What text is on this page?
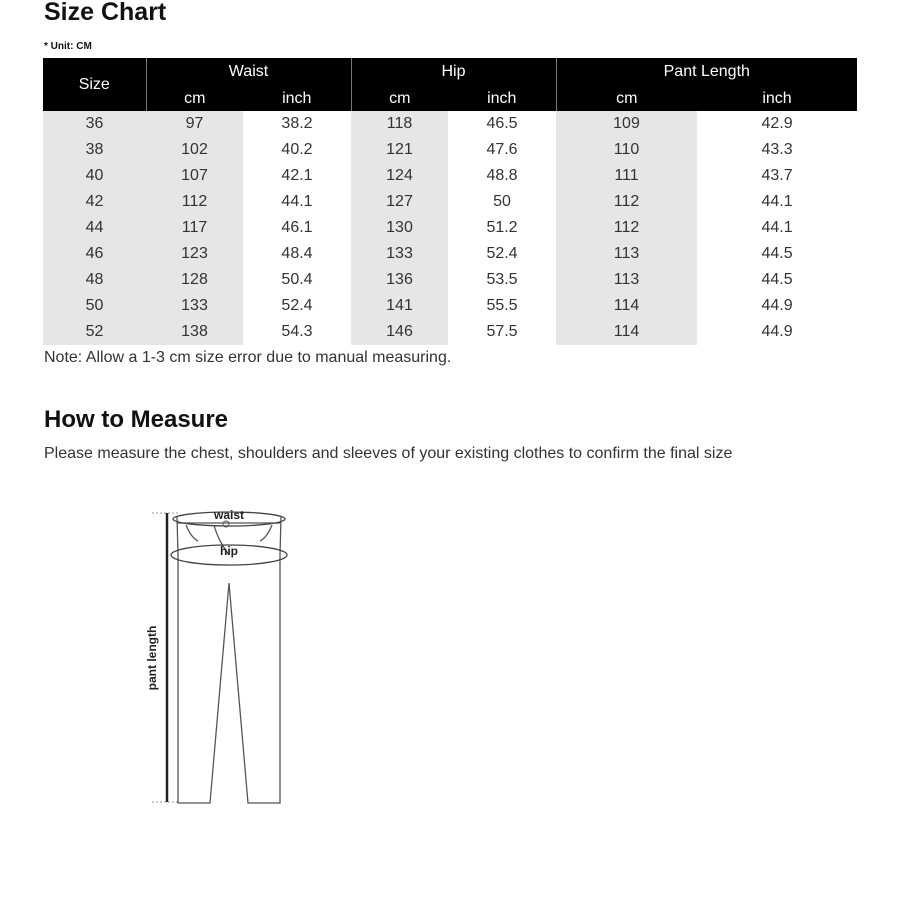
Size Chart
* Unit: CM
Size	Waist		Hip		Pant Length	
	cm	inch	cm	inch	cm	inch
36	97	38.2	118	46.5	109	42.9
38	102	40.2	121	47.6	110	43.3
40	107	42.1	124	48.8	111	43.7
42	112	44.1	127	50	112	44.1
44	117	46.1	130	51.2	112	44.1
46	123	48.4	133	52.4	113	44.5
48	128	50.4	136	53.5	113	44.5
50	133	52.4	141	55.5	114	44.9
52	138	54.3	146	57.5	114	44.9
Note: Allow a 1-3 cm size error due to manual measuring.
How to Measure
Please measure the chest, shoulders and sleeves of your existing clothes to confirm the final size
pant length
waist
hip
